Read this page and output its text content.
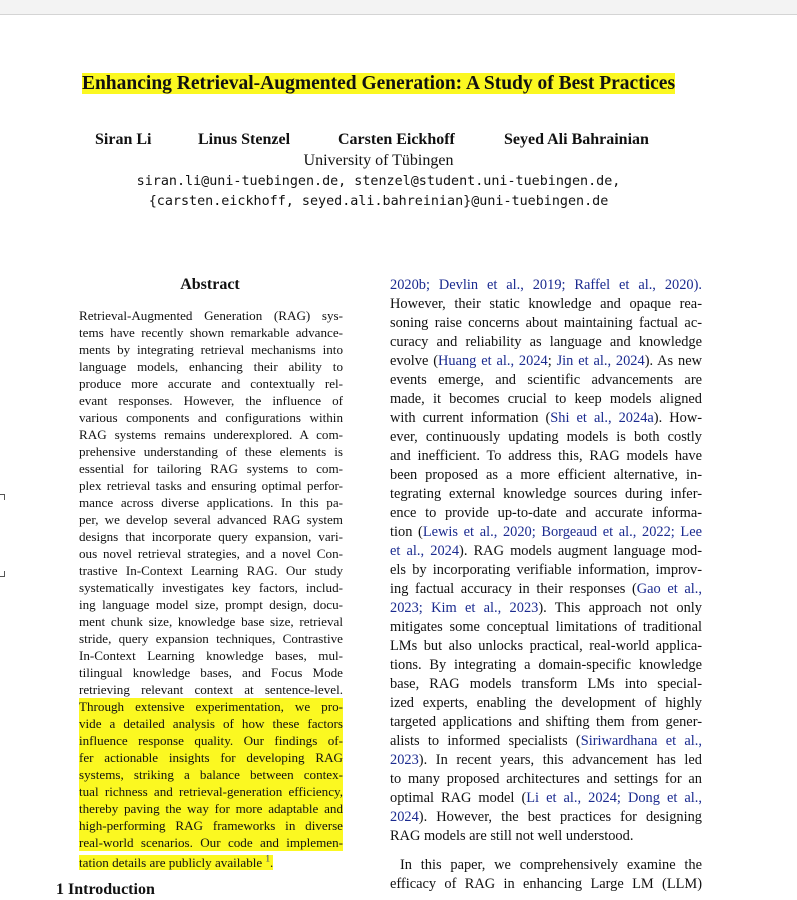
Enhancing Retrieval-Augmented Generation: A Study of Best Practices
Siran Li	Linus Stenzel	Carsten Eickhoff	Seyed Ali Bahrainian
University of Tübingen
siran.li@uni-tuebingen.de, stenzel@student.uni-tuebingen.de,
{carsten.eickhoff, seyed.ali.bahreinian}@uni-tuebingen.de
Abstract
Retrieval-Augmented Generation (RAG) sys-
tems have recently shown remarkable advance-
ments by integrating retrieval mechanisms into
language models, enhancing their ability to
produce more accurate and contextually rel-
evant responses. However, the influence of
various components and configurations within
RAG systems remains underexplored. A com-
prehensive understanding of these elements is
essential for tailoring RAG systems to com-
plex retrieval tasks and ensuring optimal perfor-
mance across diverse applications. In this pa-
per, we develop several advanced RAG system
designs that incorporate query expansion, vari-
ous novel retrieval strategies, and a novel Con-
trastive In-Context Learning RAG. Our study
systematically investigates key factors, includ-
ing language model size, prompt design, docu-
ment chunk size, knowledge base size, retrieval
stride, query expansion techniques, Contrastive
In-Context Learning knowledge bases, mul-
tilingual knowledge bases, and Focus Mode
retrieving relevant context at sentence-level.
Through extensive experimentation, we pro-
vide a detailed analysis of how these factors
influence response quality. Our findings of-
fer actionable insights for developing RAG
systems, striking a balance between contex-
tual richness and retrieval-generation efficiency,
thereby paving the way for more adaptable and
high-performing RAG frameworks in diverse
real-world scenarios. Our code and implemen-
tation details are publicly available $^1$.
1 Introduction
2020b; Devlin et al., 2019; Raffel et al., 2020).
However, their static knowledge and opaque rea-
soning raise concerns about maintaining factual ac-
curacy and reliability as language and knowledge
evolve (Huang et al., 2024; Jin et al., 2024). As new
events emerge, and scientific advancements are
made, it becomes crucial to keep models aligned
with current information (Shi et al., 2024a). How-
ever, continuously updating models is both costly
and inefficient. To address this, RAG models have
been proposed as a more efficient alternative, in-
tegrating external knowledge sources during infer-
ence to provide up-to-date and accurate informa-
tion (Lewis et al., 2020; Borgeaud et al., 2022; Lee
et al., 2024). RAG models augment language mod-
els by incorporating verifiable information, improv-
ing factual accuracy in their responses (Gao et al.,
2023; Kim et al., 2023). This approach not only
mitigates some conceptual limitations of traditional
LMs but also unlocks practical, real-world applica-
tions. By integrating a domain-specific knowledge
base, RAG models transform LMs into special-
ized experts, enabling the development of highly
targeted applications and shifting them from gener-
alists to informed specialists (Siriwardhana et al.,
2023). In recent years, this advancement has led
to many proposed architectures and settings for an
optimal RAG model (Li et al., 2024; Dong et al.,
2024). However, the best practices for designing
RAG models are still not well understood.
In this paper, we comprehensively examine the
efficacy of RAG in enhancing Large LM (LLM)
